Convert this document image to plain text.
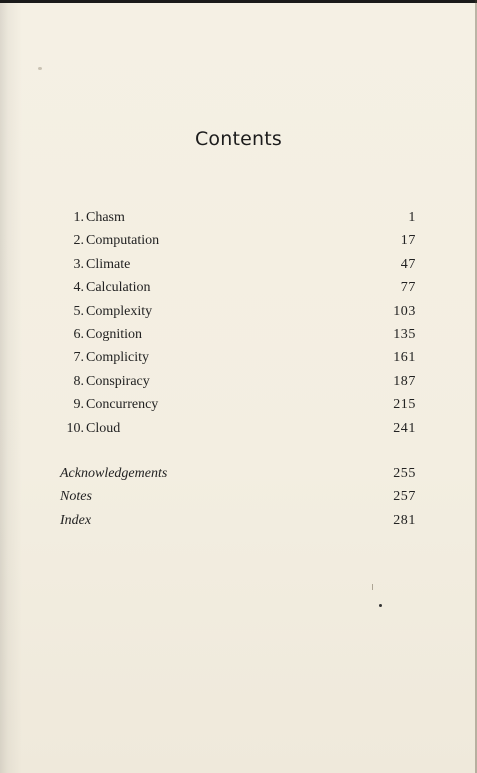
Contents
1. Chasm	1
2. Computation	17
3. Climate	47
4. Calculation	77
5. Complexity	103
6. Cognition	135
7. Complicity	161
8. Conspiracy	187
9. Concurrency	215
10. Cloud	241
Acknowledgements	255
Notes	257
Index	281
